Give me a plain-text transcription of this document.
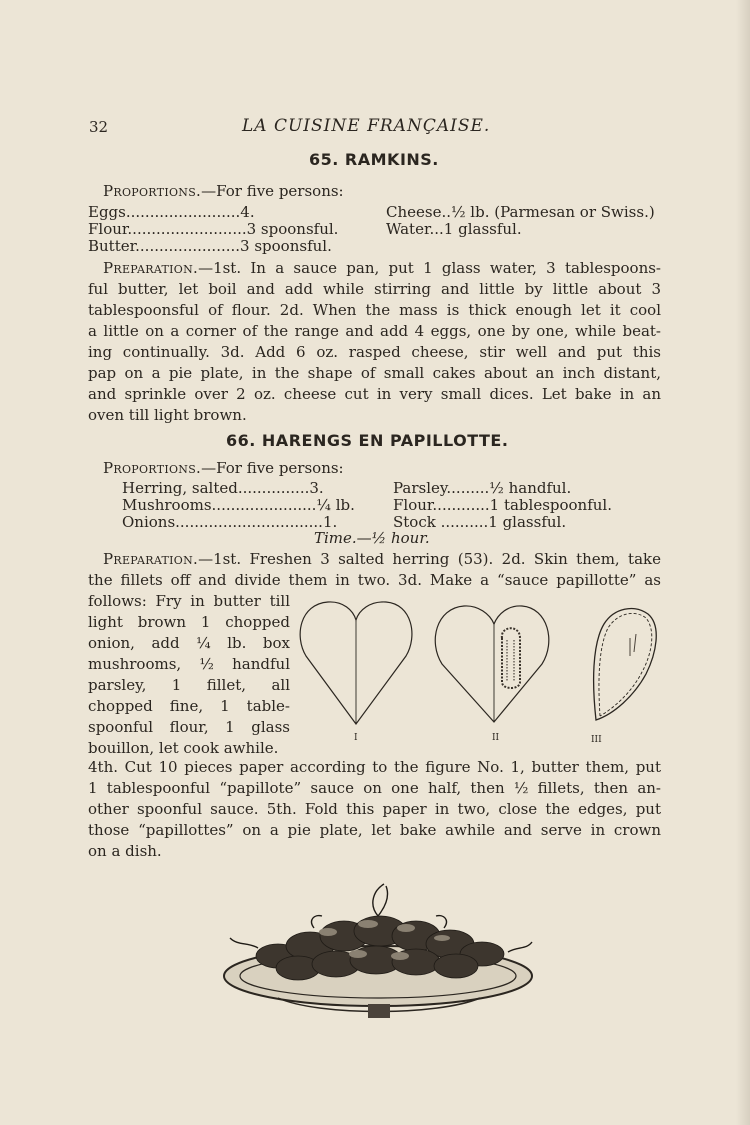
32	LA CUISINE FRANÇAISE.
65. RAMKINS.
Proportions.—For five persons:
Eggs........................4.
Flour.........................3 spoonsful.
Butter......................3 spoonsful.
Cheese..½ lb. (Parmesan or Swiss.)
Water...1 glassful.
Preparation.—1st. In a sauce pan, put 1 glass water, 3 tablespoons-
ful butter, let boil and add while stirring and little by little about 3
tablespoonsful of flour. 2d. When the mass is thick enough let it cool
a little on a corner of the range and add 4 eggs, one by one, while beat-
ing continually. 3d. Add 6 oz. rasped cheese, stir well and put this
pap on a pie plate, in the shape of small cakes about an inch distant,
and sprinkle over 2 oz. cheese cut in very small dices. Let bake in an
oven till light brown.
66. HARENGS EN PAPILLOTTE.
Proportions.—For five persons:
Herring, salted...............3.
Mushrooms......................¼ lb.
Onions...............................1.
Parsley.........½ handful.
Flour............1 tablespoonful.
Stock ..........1 glassful.
Time.—½ hour.
Preparation.—1st. Freshen 3 salted herring (53). 2d. Skin them, take
the fillets off and divide them in two. 3d. Make a “sauce papillotte” as
follows: Fry in butter till
light brown 1 chopped
onion, add ¼ lb. box
mushrooms, ½ handful
parsley, 1 fillet, all
chopped fine, 1 table-
spoonful flour, 1 glass
bouillon, let cook awhile.
I	II	III
4th. Cut 10 pieces paper according to the figure No. 1, butter them, put
1 tablespoonful “papillote” sauce on one half, then ½ fillets, then an-
other spoonful sauce. 5th. Fold this paper in two, close the edges, put
those “papillottes” on a pie plate, let bake awhile and serve in crown
on a dish.
